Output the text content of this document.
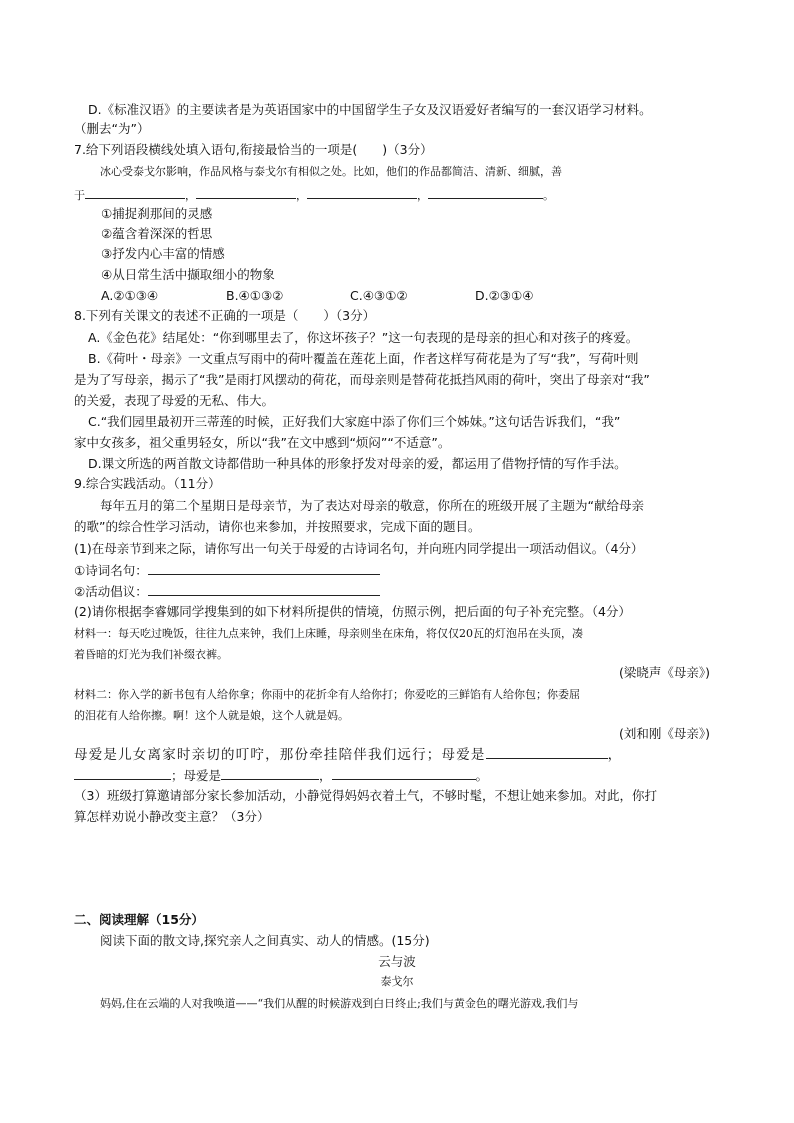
D.《标准汉语》的主要读者是为英语国家中的中国留学生子女及汉语爱好者编写的一套汉语学习材料。
（删去“为”）
7.给下列语段横线处填入语句,衔接最恰当的一项是(　　)（3分）
冰心受泰戈尔影响，作品风格与泰戈尔有相似之处。比如，他们的作品都简洁、清新、细腻，善
于	，	，	，	。
①捕捉刹那间的灵感
②蕴含着深深的哲思
③抒发内心丰富的情感
④从日常生活中撷取细小的物象
A.②①③④	B.④①③②	C.④③①②	D.②③①④
8.下列有关课文的表述不正确的一项是（　　）（3分）
A.《金色花》结尾处：“你到哪里去了，你这坏孩子？”这一句表现的是母亲的担心和对孩子的疼爱。
B.《荷叶・母亲》一文重点写雨中的荷叶覆盖在莲花上面，作者这样写荷花是为了写“我”，写荷叶则
是为了写母亲，揭示了“我”是雨打风摆动的荷花，而母亲则是替荷花抵挡风雨的荷叶，突出了母亲对“我”
的关爱，表现了母爱的无私、伟大。
C.“我们园里最初开三蒂莲的时候，正好我们大家庭中添了你们三个姊妹。”这句话告诉我们，“我”
家中女孩多，祖父重男轻女，所以“我”在文中感到“烦闷”“不适意”。
D.课文所选的两首散文诗都借助一种具体的形象抒发对母亲的爱，都运用了借物抒情的写作手法。
9.综合实践活动。（11分）
每年五月的第二个星期日是母亲节，为了表达对母亲的敬意，你所在的班级开展了主题为“献给母亲
的歌”的综合性学习活动，请你也来参加，并按照要求，完成下面的题目。
(1)在母亲节到来之际，请你写出一句关于母爱的古诗词名句，并向班内同学提出一项活动倡议。（4分）
①诗词名句：
②活动倡议：
(2)请你根据李睿娜同学搜集到的如下材料所提供的情境，仿照示例，把后面的句子补充完整。（4分）
材料一：每天吃过晚饭，往往九点来钟，我们上床睡，母亲则坐在床角，将仅仅20瓦的灯泡吊在头顶，凑
着昏暗的灯光为我们补缀衣裤。
(梁晓声《母亲》)
材料二：你入学的新书包有人给你拿；你雨中的花折伞有人给你打；你爱吃的三鲜馅有人给你包；你委屈
的泪花有人给你擦。啊！这个人就是娘，这个人就是妈。
(刘和刚《母亲》)
母爱是儿女离家时亲切的叮咛，那份牵挂陪伴我们远行；母爱是	，
；母爱是	，	。
（3）班级打算邀请部分家长参加活动，小静觉得妈妈衣着土气，不够时髦，不想让她来参加。对此，你打
算怎样劝说小静改变主意？（3分）
二、阅读理解（15分）
阅读下面的散文诗,探究亲人之间真实、动人的情感。(15分)
云与波
泰戈尔
妈妈,住在云端的人对我唤道——“我们从醒的时候游戏到白日终止;我们与黄金色的曙光游戏,我们与
